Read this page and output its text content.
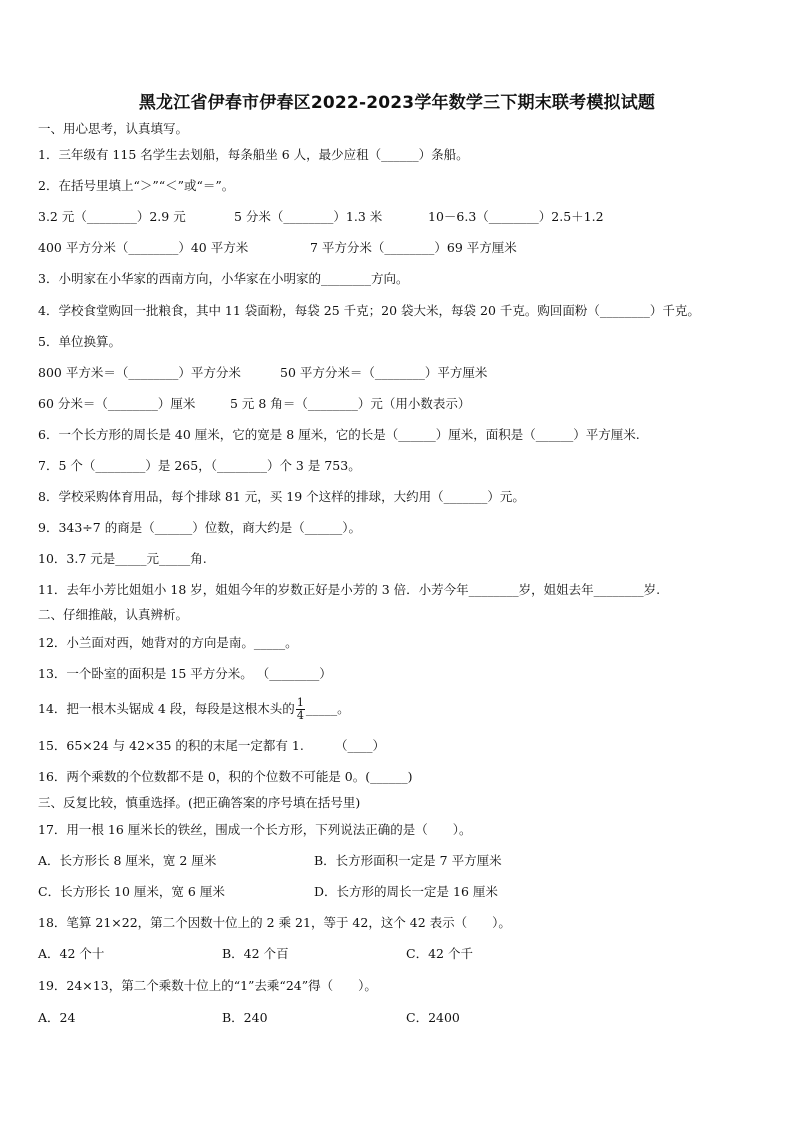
黑龙江省伊春市伊春区2022-2023学年数学三下期末联考模拟试题
一、用心思考，认真填写。
1．三年级有 115 名学生去划船，每条船坐 6 人，最少应租（______）条船。
2．在括号里填上“＞”“＜”或“＝”。
3.2 元（________）2.9 元	5 分米（________）1.3 米	10－6.3（________）2.5＋1.2
400 平方分米（________）40 平方米	7 平方分米（________）69 平方厘米
3．小明家在小华家的西南方向，小华家在小明家的________方向。
4．学校食堂购回一批粮食，其中 11 袋面粉，每袋 25 千克；20 袋大米，每袋 20 千克。购回面粉（________）千克。
5．单位换算。
800 平方米＝（________）平方分米	50 平方分米＝（________）平方厘米
60 分米＝（________）厘米	5 元 8 角＝（________）元（用小数表示）
6．一个长方形的周长是 40 厘米，它的宽是 8 厘米，它的长是（______）厘米，面积是（______）平方厘米.
7．5 个（________）是 265，（________）个 3 是 753。
8．学校采购体育用品，每个排球 81 元，买 19 个这样的排球，大约用（_______）元。
9．343÷7 的商是（______）位数，商大约是（______）。
10．3.7 元是_____元_____角.
11．去年小芳比姐姐小 18 岁，姐姐今年的岁数正好是小芳的 3 倍．小芳今年________岁，姐姐去年________岁.
二、仔细推敲，认真辨析。
12．小兰面对西，她背对的方向是南。_____。
13．一个卧室的面积是 15 平方分米。 （________）
14．把一根木头锯成 4 段，每段是这根木头的 $\frac{1}{4}$ _____。
15．65×24 与 42×35 的积的末尾一定都有 1.　　　（____）
16．两个乘数的个位数都不是 0，积的个位数不可能是 0。(______)
三、反复比较，慎重选择。(把正确答案的序号填在括号里)
17．用一根 16 厘米长的铁丝，围成一个长方形，下列说法正确的是（　　）。
A．长方形长 8 厘米，宽 2 厘米	B．长方形面积一定是 7 平方厘米
C．长方形长 10 厘米，宽 6 厘米	D．长方形的周长一定是 16 厘米
18．笔算 21×22，第二个因数十位上的 2 乘 21，等于 42，这个 42 表示（　　）。
A．42 个十	B．42 个百	C．42 个千
19．24×13，第二个乘数十位上的“1”去乘“24”得（　　）。
A．24	B．240	C．2400
